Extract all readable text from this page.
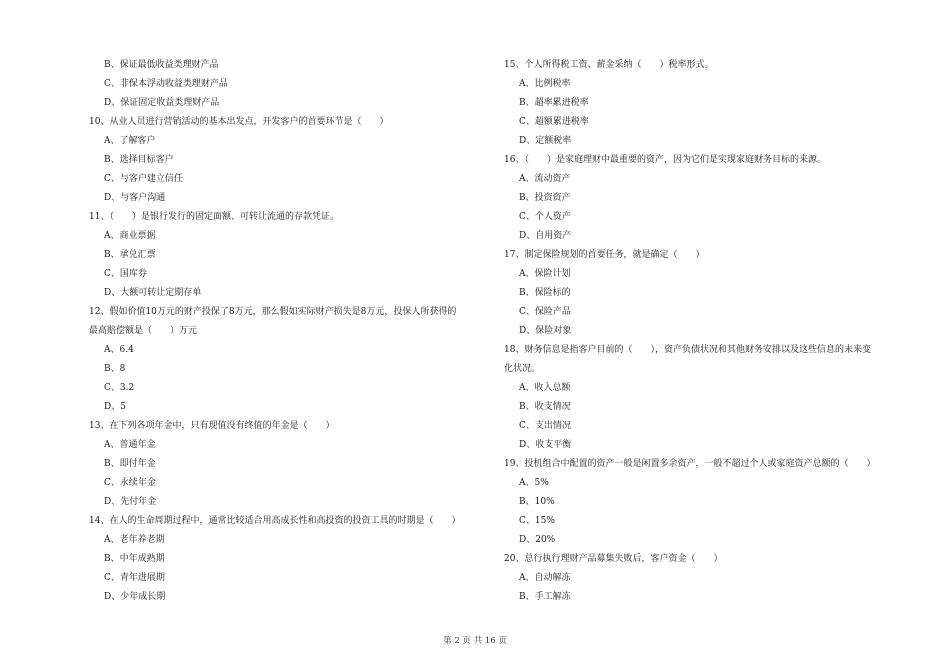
B、保证最低收益类理财产品
C、非保本浮动收益类理财产品
D、保证固定收益类理财产品
10、从业人员进行营销活动的基本出发点，开发客户的首要环节是（　　）
A、了解客户
B、选择目标客户
C、与客户建立信任
D、与客户沟通
11、（　　）是银行发行的固定面额、可转让流通的存款凭证。
A、商业票据
B、承兑汇票
C、国库券
D、大额可转让定期存单
12、假如价值10万元的财产投保了8万元，那么假如实际财产损失是8万元，投保人所获得的
最高赔偿额是（　　）万元
A、6.4
B、8
C、3.2
D、5
13、在下列各项年金中，只有现值没有终值的年金是（　　）
A、普通年金
B、即付年金
C、永续年金
D、先付年金
14、在人的生命周期过程中，通常比较适合用高成长性和高投资的投资工具的时期是（　　）
A、老年养老期
B、中年成熟期
C、青年进展期
D、少年成长期
15、个人所得税工资、薪金采纳（　　）税率形式。
A、比例税率
B、超率累进税率
C、超额累进税率
D、定额税率
16、（　　）是家庭理财中最重要的资产，因为它们是实现家庭财务目标的来源。
A、流动资产
B、投资资产
C、个人资产
D、自用资产
17、制定保险规划的首要任务，就是确定（　　）
A、保险计划
B、保险标的
C、保险产品
D、保险对象
18、财务信息是指客户目前的（　　），资产负债状况和其他财务安排以及这些信息的未来变
化状况。
A、收入总额
B、收支情况
C、支出情况
D、收支平衡
19、投机组合中配置的资产一般是闲置多余资产，一般不超过个人或家庭资产总额的（　　）
A、5%
B、10%
C、15%
D、20%
20、总行执行理财产品募集失败后，客户资金（　　）
A、自动解冻
B、手工解冻
第 2 页 共 16 页
